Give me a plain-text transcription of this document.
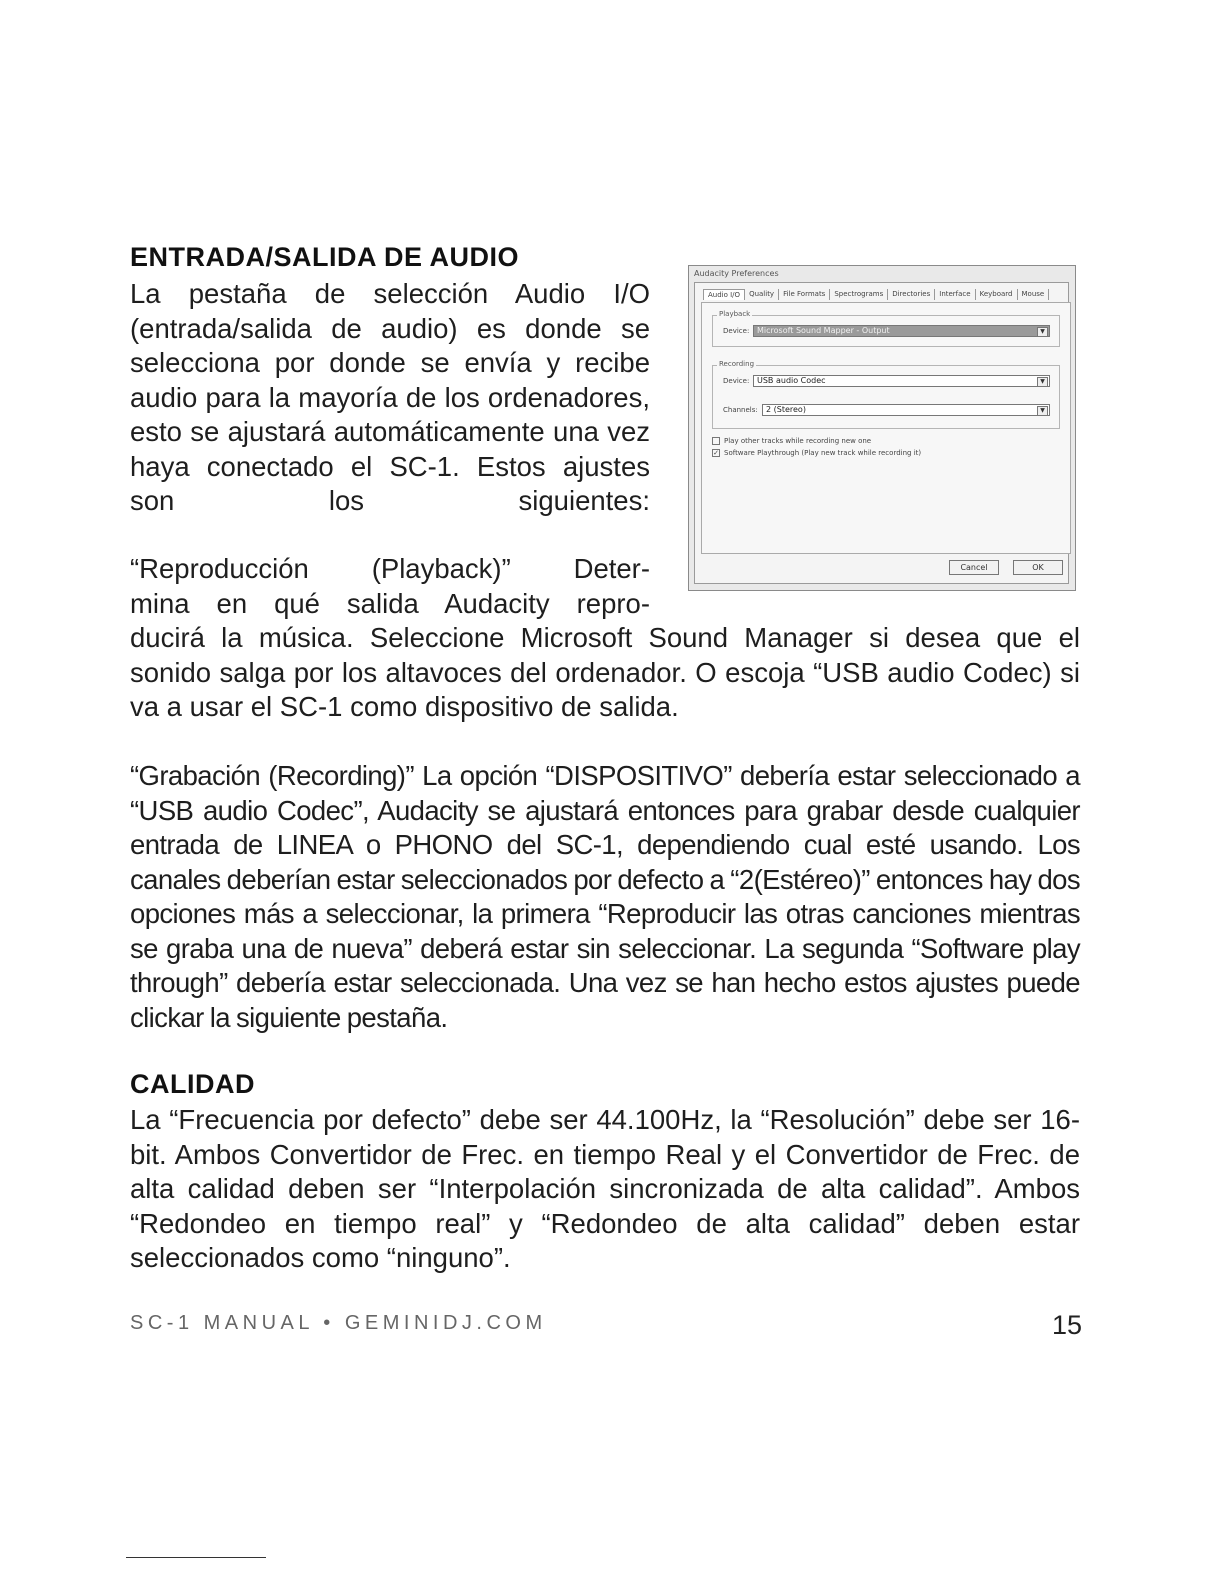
ENTRADA/SALIDA DE AUDIO

La pestaña de selección Audio I/O (entrada/salida de audio) es donde se selecciona por donde se envía y recibe audio para la mayoría de los ordenadores, esto se ajustará automáticamente una vez haya conectado el SC-1. Estos ajustes son los siguientes:

“Reproducción (Playback)” Deter-
mina en qué salida Audacity repro-
ducirá la música. Seleccione Microsoft Sound Manager si desea que el sonido salga por los altavoces del ordenador. O escoja “USB audio Codec) si va a usar el SC-1 como dispositivo de salida.

“Grabación (Recording)” La opción “DISPOSITIVO” debería estar seleccionado a “USB audio Codec”, Audacity se ajustará entonces para grabar desde cualquier entrada de LINEA o PHONO del SC-1, dependiendo cual esté usando. Los canales deberían estar seleccionados por defecto a “2(Estéreo)” entonces hay dos opciones más a seleccionar, la primera “Reproducir las otras canciones mientras se graba una de nueva” deberá estar sin seleccionar. La segunda “Software play through” debería estar seleccionada. Una vez se han hecho estos ajustes puede clickar la siguiente pestaña.

CALIDAD

La “Frecuencia por defecto” debe ser 44.100Hz, la “Resolución” debe ser 16-bit. Ambos Convertidor de Frec. en tiempo Real y el Convertidor de Frec. de alta calidad deben ser “Interpolación sincronizada de alta calidad”. Ambos “Redondeo en tiempo real” y “Redondeo de alta calidad” deben estar seleccionados como “ninguno”.

Audacity Preferences
Audio I/O	Quality	File Formats	Spectrograms	Directories	Interface	Keyboard	Mouse
Playback
Device: Microsoft Sound Mapper - Output	▼
Recording
Device: USB audio Codec	▼
Channels:	2 (Stereo)	▼
Play other tracks while recording new one
✓ Software Playthrough (Play new track while recording it)
Cancel	OK
SC-1 MANUAL • GEMINIDJ.COM	15
